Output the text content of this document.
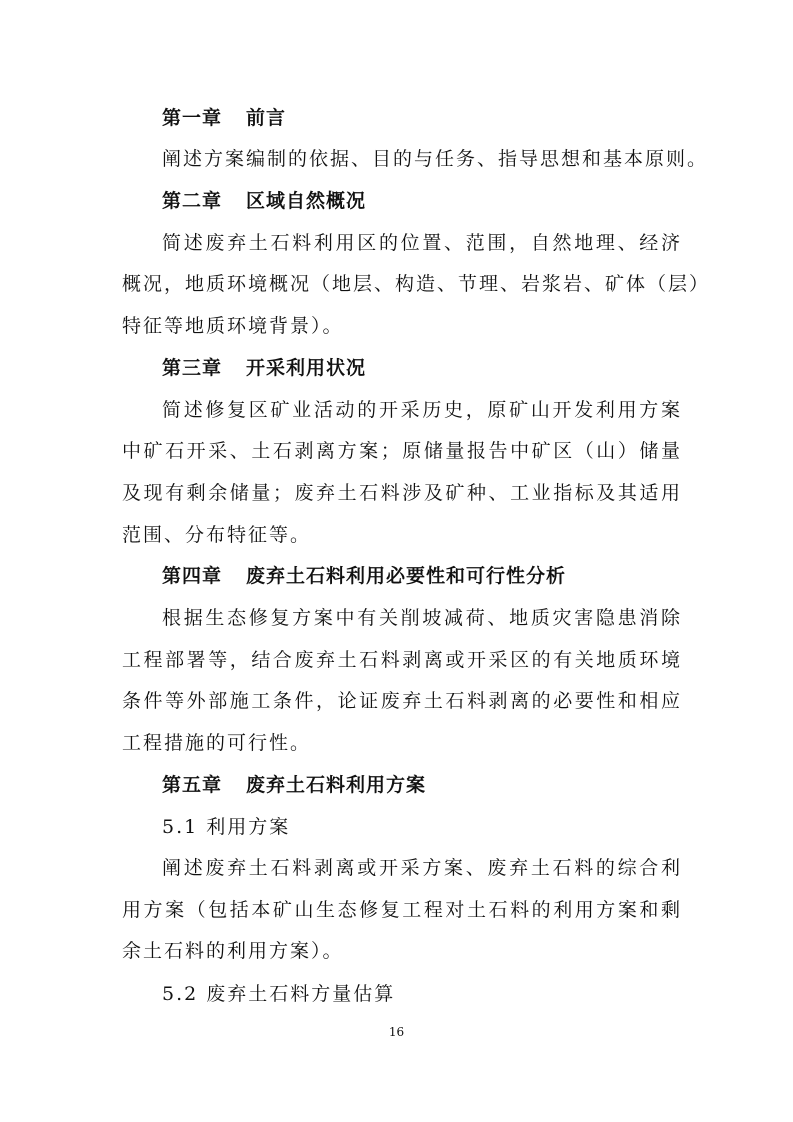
第一章 前言
阐述方案编制的依据、目的与任务、指导思想和基本原则。
第二章 区域自然概况
简述废弃土石料利用区的位置、范围，自然地理、经济
概况，地质环境概况（地层、构造、节理、岩浆岩、矿体（层）
特征等地质环境背景）。
第三章 开采利用状况
简述修复区矿业活动的开采历史，原矿山开发利用方案
中矿石开采、土石剥离方案；原储量报告中矿区（山）储量
及现有剩余储量；废弃土石料涉及矿种、工业指标及其适用
范围、分布特征等。
第四章 废弃土石料利用必要性和可行性分析
根据生态修复方案中有关削坡减荷、地质灾害隐患消除
工程部署等，结合废弃土石料剥离或开采区的有关地质环境
条件等外部施工条件，论证废弃土石料剥离的必要性和相应
工程措施的可行性。
第五章 废弃土石料利用方案
5.1 利用方案
阐述废弃土石料剥离或开采方案、废弃土石料的综合利
用方案（包括本矿山生态修复工程对土石料的利用方案和剩
余土石料的利用方案）。
5.2 废弃土石料方量估算
16
